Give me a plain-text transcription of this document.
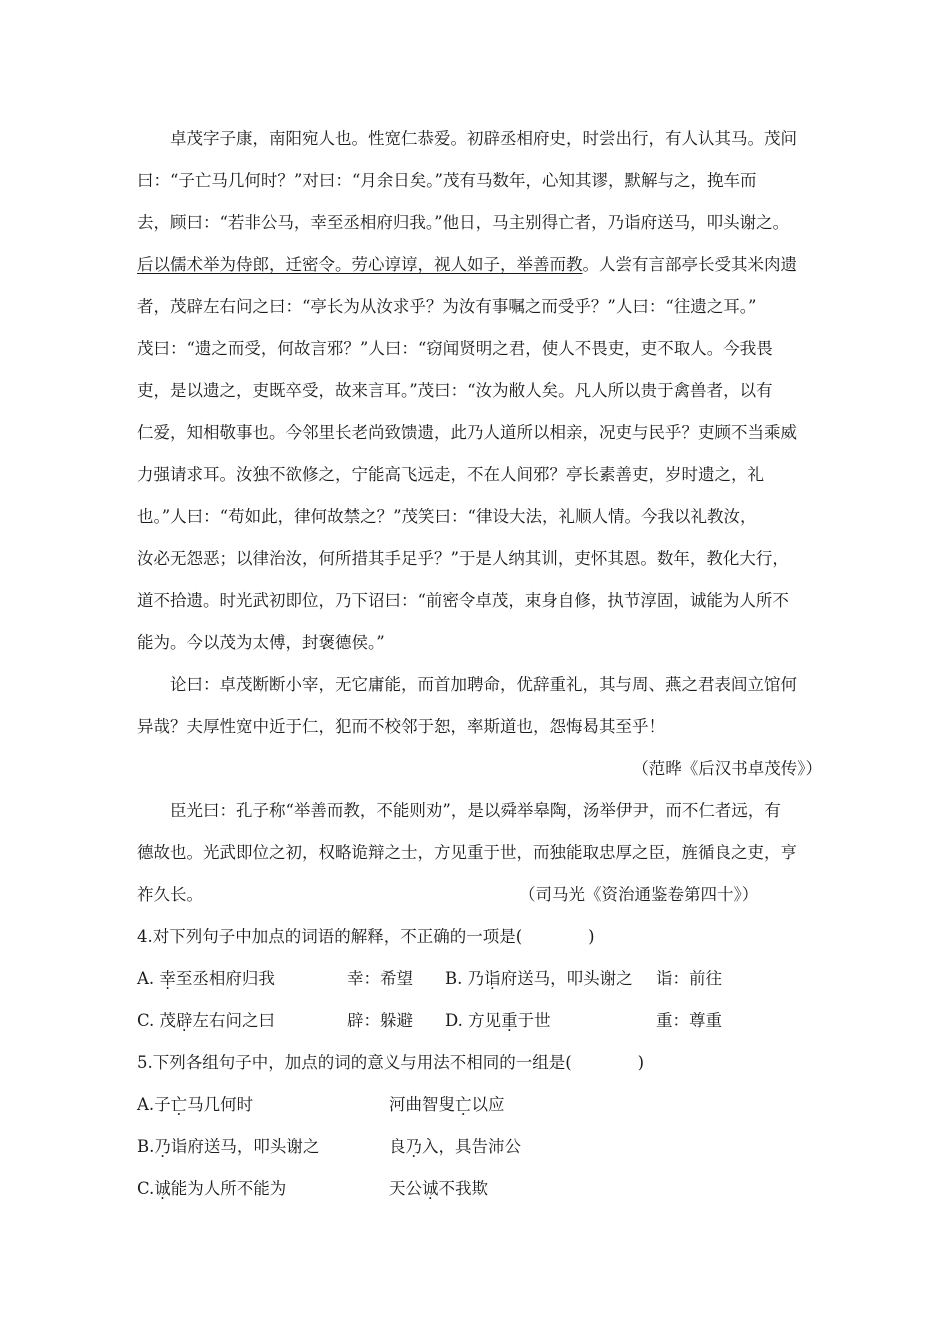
　　卓茂字子康，南阳宛人也。性宽仁恭爱。初辟丞相府史，时尝出行，有人认其马。茂问
曰：“子亡马几何时？”对曰：“月余日矣。”茂有马数年，心知其谬，默解与之，挽车而
去，顾曰：“若非公马，幸至丞相府归我。”他日，马主别得亡者，乃诣府送马，叩头谢之。
后以儒术举为侍郎，迁密令。劳心谆谆，视人如子，举善而教。人尝有言部亭长受其米肉遗
者，茂辟左右问之曰：“亭长为从汝求乎？为汝有事嘱之而受乎？”人曰：“往遗之耳。”
茂曰：“遗之而受，何故言邪？”人曰：“窃闻贤明之君，使人不畏吏，吏不取人。今我畏
吏，是以遗之，吏既卒受，故来言耳。”茂曰：“汝为敝人矣。凡人所以贵于禽兽者，以有
仁爱，知相敬事也。今邻里长老尚致馈遗，此乃人道所以相亲，况吏与民乎？吏顾不当乘威
力强请求耳。汝独不欲修之，宁能高飞远走，不在人间邪？亭长素善吏，岁时遗之，礼
也。”人曰：“苟如此，律何故禁之？”茂笑曰：“律设大法，礼顺人情。今我以礼教汝，
汝必无怨恶；以律治汝，何所措其手足乎？”于是人纳其训，吏怀其恩。数年，教化大行，
道不拾遗。时光武初即位，乃下诏曰：“前密令卓茂，束身自修，执节淳固，诚能为人所不
能为。今以茂为太傅，封褒德侯。”
　　论曰：卓茂断断小宰，无它庸能，而首加聘命，优辞重礼，其与周、燕之君表闾立馆何
异哉？夫厚性宽中近于仁，犯而不校邻于恕，率斯道也，怨悔曷其至乎！
（范晔《后汉书卓茂传》）
　　臣光曰：孔子称“举善而教，不能则劝”，是以舜举皋陶，汤举伊尹，而不仁者远，有
德故也。光武即位之初，权略诡辩之士，方见重于世，而独能取忠厚之臣，旌循良之吏，亨
祚久长。	（司马光《资治通鉴卷第四十》）
4.对下列句子中加点的词语的解释，不正确的一项是(　　　　)
A. 幸至丞相府归我	幸：希望 B. 乃诣府送马，叩头谢之 诣：前往
C. 茂辟左右问之曰	辟：躲避 D. 方见重于世	重：尊重
5.下列各组句子中，加点的词的意义与用法不相同的一组是(　　　　)
A.子亡马几何时	河曲智叟亡以应
B.乃诣府送马，叩头谢之	良乃入，具告沛公
C.诚能为人所不能为	天公诚不我欺
